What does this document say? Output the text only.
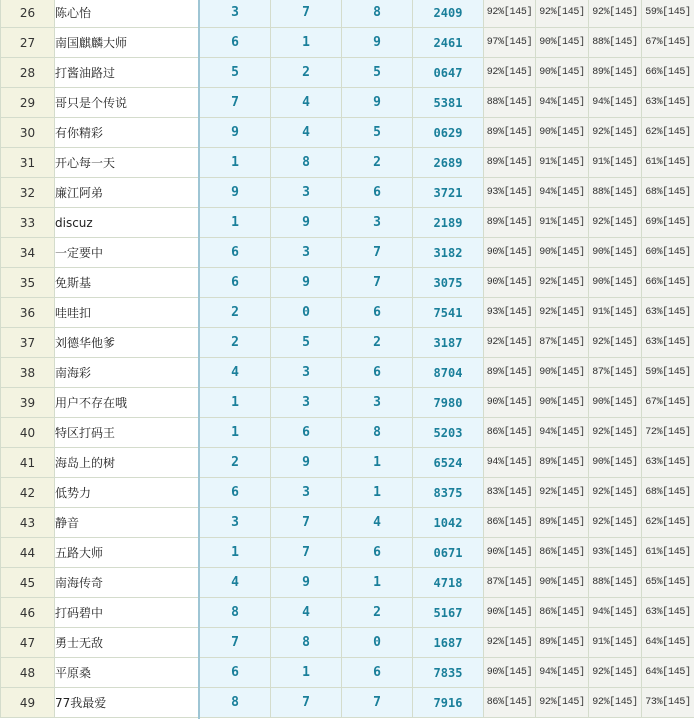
26	陈心怡	3	7	8	2409	92%[145]	92%[145]	92%[145]	59%[145]
27	南国麒麟大师	6	1	9	2461	97%[145]	90%[145]	88%[145]	67%[145]
28	打酱油路过	5	2	5	0647	92%[145]	90%[145]	89%[145]	66%[145]
29	哥只是个传说	7	4	9	5381	88%[145]	94%[145]	94%[145]	63%[145]
30	有你精彩	9	4	5	0629	89%[145]	90%[145]	92%[145]	62%[145]
31	开心每一天	1	8	2	2689	89%[145]	91%[145]	91%[145]	61%[145]
32	廉江阿弟	9	3	6	3721	93%[145]	94%[145]	88%[145]	68%[145]
33	discuz	1	9	3	2189	89%[145]	91%[145]	92%[145]	69%[145]
34	一定要中	6	3	7	3182	90%[145]	90%[145]	90%[145]	60%[145]
35	免斯基	6	9	7	3075	90%[145]	92%[145]	90%[145]	66%[145]
36	哇哇扣	2	0	6	7541	93%[145]	92%[145]	91%[145]	63%[145]
37	刘德华他爹	2	5	2	3187	92%[145]	87%[145]	92%[145]	63%[145]
38	南海彩	4	3	6	8704	89%[145]	90%[145]	87%[145]	59%[145]
39	用户不存在哦	1	3	3	7980	90%[145]	90%[145]	90%[145]	67%[145]
40	特区打码王	1	6	8	5203	86%[145]	94%[145]	92%[145]	72%[145]
41	海岛上的树	2	9	1	6524	94%[145]	89%[145]	90%[145]	63%[145]
42	低势力	6	3	1	8375	83%[145]	92%[145]	92%[145]	68%[145]
43	静音	3	7	4	1042	86%[145]	89%[145]	92%[145]	62%[145]
44	五路大师	1	7	6	0671	90%[145]	86%[145]	93%[145]	61%[145]
45	南海传奇	4	9	1	4718	87%[145]	90%[145]	88%[145]	65%[145]
46	打码碧中	8	4	2	5167	90%[145]	86%[145]	94%[145]	63%[145]
47	勇士无敌	7	8	0	1687	92%[145]	89%[145]	91%[145]	64%[145]
48	平原桑	6	1	6	7835	90%[145]	94%[145]	92%[145]	64%[145]
49	77我最爱	8	7	7	7916	86%[145]	92%[145]	92%[145]	73%[145]
